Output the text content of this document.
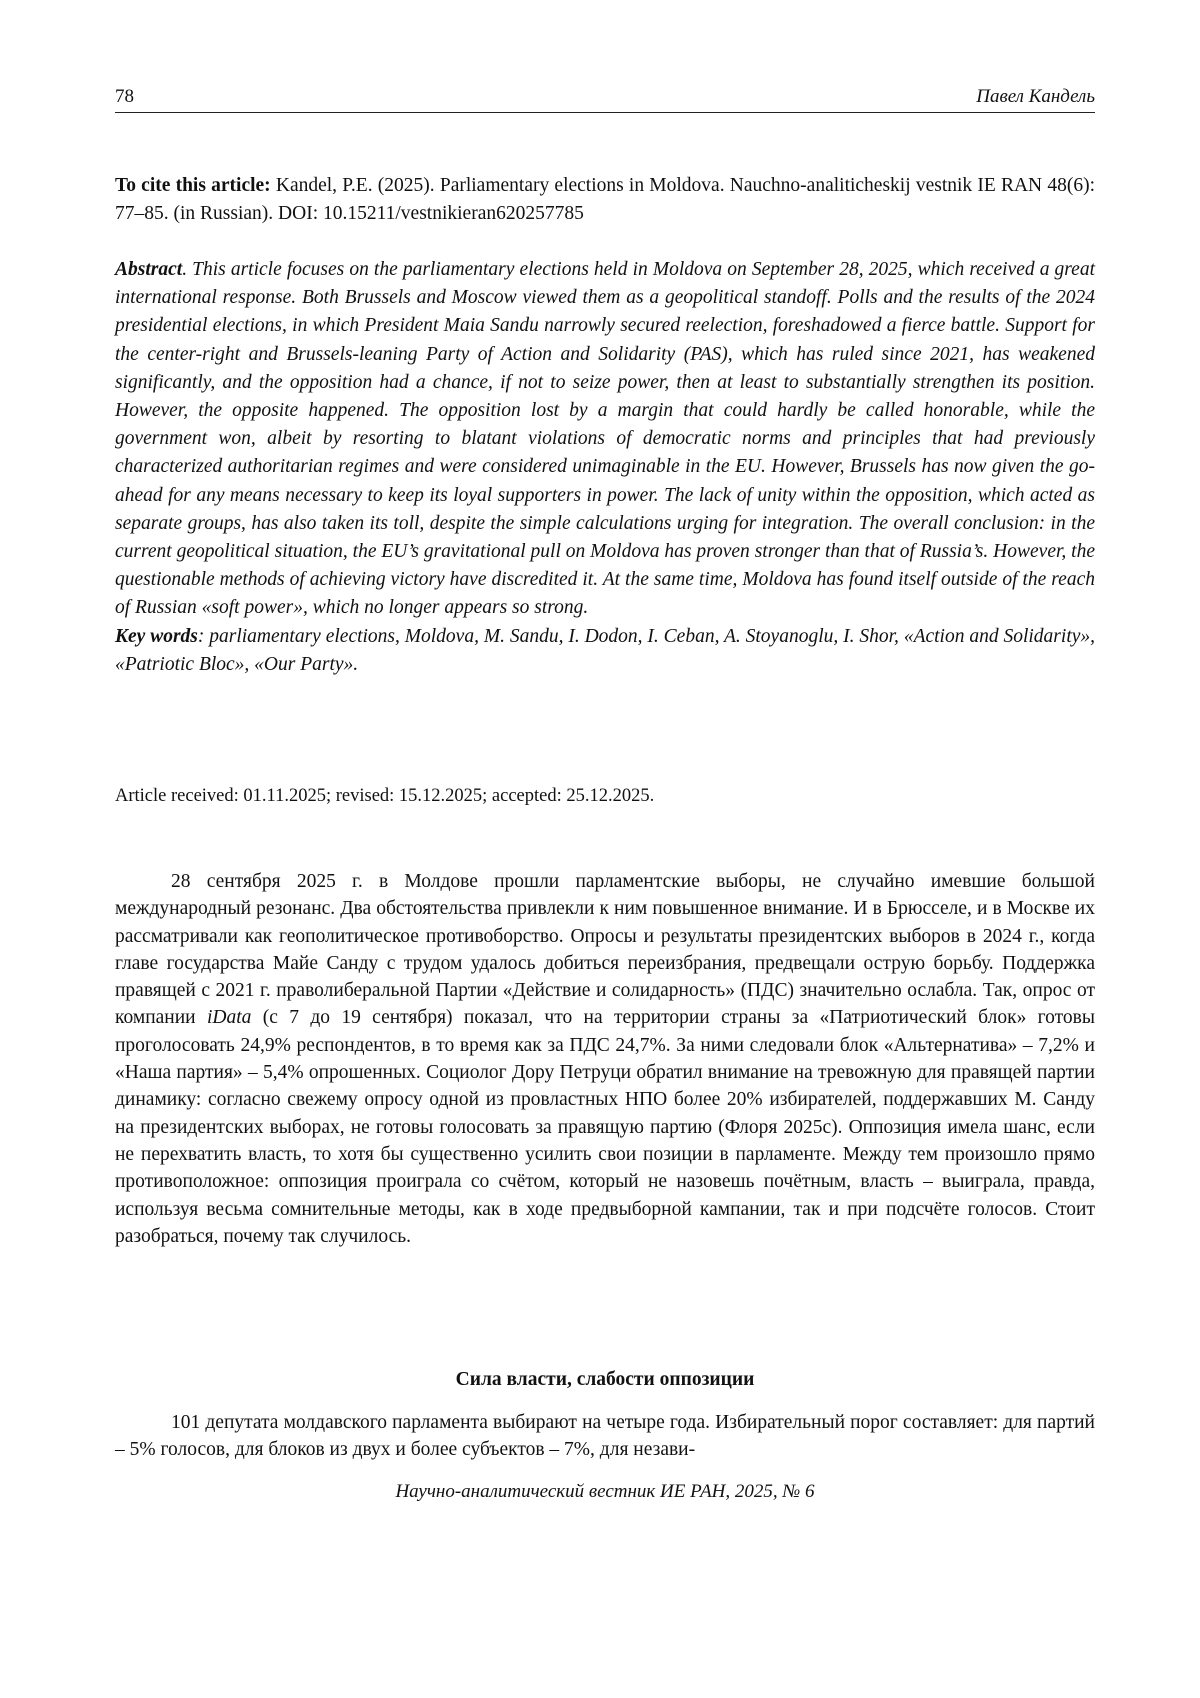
78	Павел Кандель
To cite this article: Kandel, P.E. (2025). Parliamentary elections in Moldova. Nauchno-analiticheskij vestnik IE RAN 48(6): 77–85. (in Russian). DOI: 10.15211/vestnikieran620257785

Abstract. This article focuses on the parliamentary elections held in Moldova on September 28, 2025, which received a great international response. Both Brussels and Moscow viewed them as a geopolitical standoff. Polls and the results of the 2024 presidential elections, in which President Maia Sandu narrowly secured reelection, foreshadowed a fierce battle. Support for the center-right and Brussels-leaning Party of Action and Solidarity (PAS), which has ruled since 2021, has weakened significantly, and the opposition had a chance, if not to seize power, then at least to substantially strengthen its position. However, the opposite happened. The opposition lost by a margin that could hardly be called honorable, while the government won, albeit by resorting to blatant violations of democratic norms and principles that had previously characterized authoritarian regimes and were considered unimaginable in the EU. However, Brussels has now given the go-ahead for any means necessary to keep its loyal supporters in power. The lack of unity within the opposition, which acted as separate groups, has also taken its toll, despite the simple calculations urging for integration. The overall conclusion: in the current geopolitical situation, the EU’s gravitational pull on Moldova has proven stronger than that of Russia’s. However, the questionable methods of achieving victory have discredited it. At the same time, Moldova has found itself outside of the reach of Russian «soft power», which no longer appears so strong.
Key words: parliamentary elections, Moldova, M. Sandu, I. Dodon, I. Ceban, A. Stoyanoglu, I. Shor, «Action and Solidarity», «Patriotic Bloc», «Our Party».

Article received: 01.11.2025; revised: 15.12.2025; accepted: 25.12.2025.

28 сентября 2025 г. в Молдове прошли парламентские выборы, не случайно имевшие большой международный резонанс. Два обстоятельства привлекли к ним повышенное внимание. И в Брюсселе, и в Москве их рассматривали как геополитическое противоборство. Опросы и результаты президентских выборов в 2024 г., когда главе государства Майе Санду с трудом удалось добиться переизбрания, предвещали острую борьбу. Поддержка правящей с 2021 г. праволиберальной Партии «Действие и солидарность» (ПДС) значительно ослабла. Так, опрос от компании iData (с 7 до 19 сентября) показал, что на территории страны за «Патриотический блок» готовы проголосовать 24,9% респондентов, в то время как за ПДС 24,7%. За ними следовали блок «Альтернатива» – 7,2% и «Наша партия» – 5,4% опрошенных. Социолог Дору Петруци обратил внимание на тревожную для правящей партии динамику: согласно свежему опросу одной из провластных НПО более 20% избирателей, поддержавших М. Санду на президентских выборах, не готовы голосовать за правящую партию (Флоря 2025c). Оппозиция имела шанс, если не перехватить власть, то хотя бы существенно усилить свои позиции в парламенте. Между тем произошло прямо противоположное: оппозиция проиграла со счётом, который не назовешь почётным, власть – выиграла, правда, используя весьма сомнительные методы, как в ходе предвыборной кампании, так и при подсчёте голосов. Стоит разобраться, почему так случилось.

Сила власти, слабости оппозиции

101 депутата молдавского парламента выбирают на четыре года. Избирательный порог составляет: для партий – 5% голосов, для блоков из двух и более субъектов – 7%, для незави-

Научно-аналитический вестник ИЕ РАН, 2025, № 6
